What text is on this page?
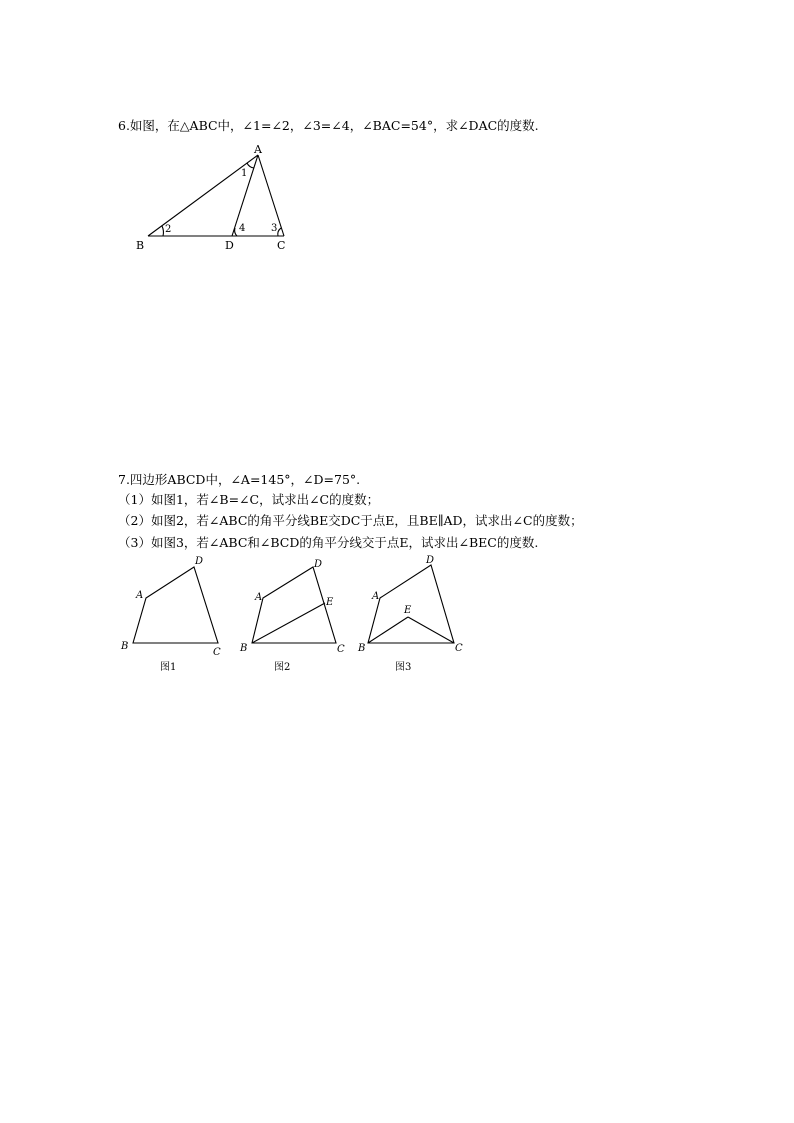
6.如图，在△ABC中，∠1=∠2，∠3=∠4，∠BAC=54°，求∠DAC的度数.
A
B	D	C
1
2	3
4
7.四边形ABCD中，∠A=145°，∠D=75°.
（1）如图1，若∠B=∠C，试求出∠C的度数；
（2）如图2，若∠ABC的角平分线BE交DC于点E，且BE∥AD，试求出∠C的度数；
（3）如图3，若∠ABC和∠BCD的角平分线交于点E，试求出∠BEC的度数.
A
B
C
D
图1
A
B	C
D
E
图2
A
B	C
D
E
图3
